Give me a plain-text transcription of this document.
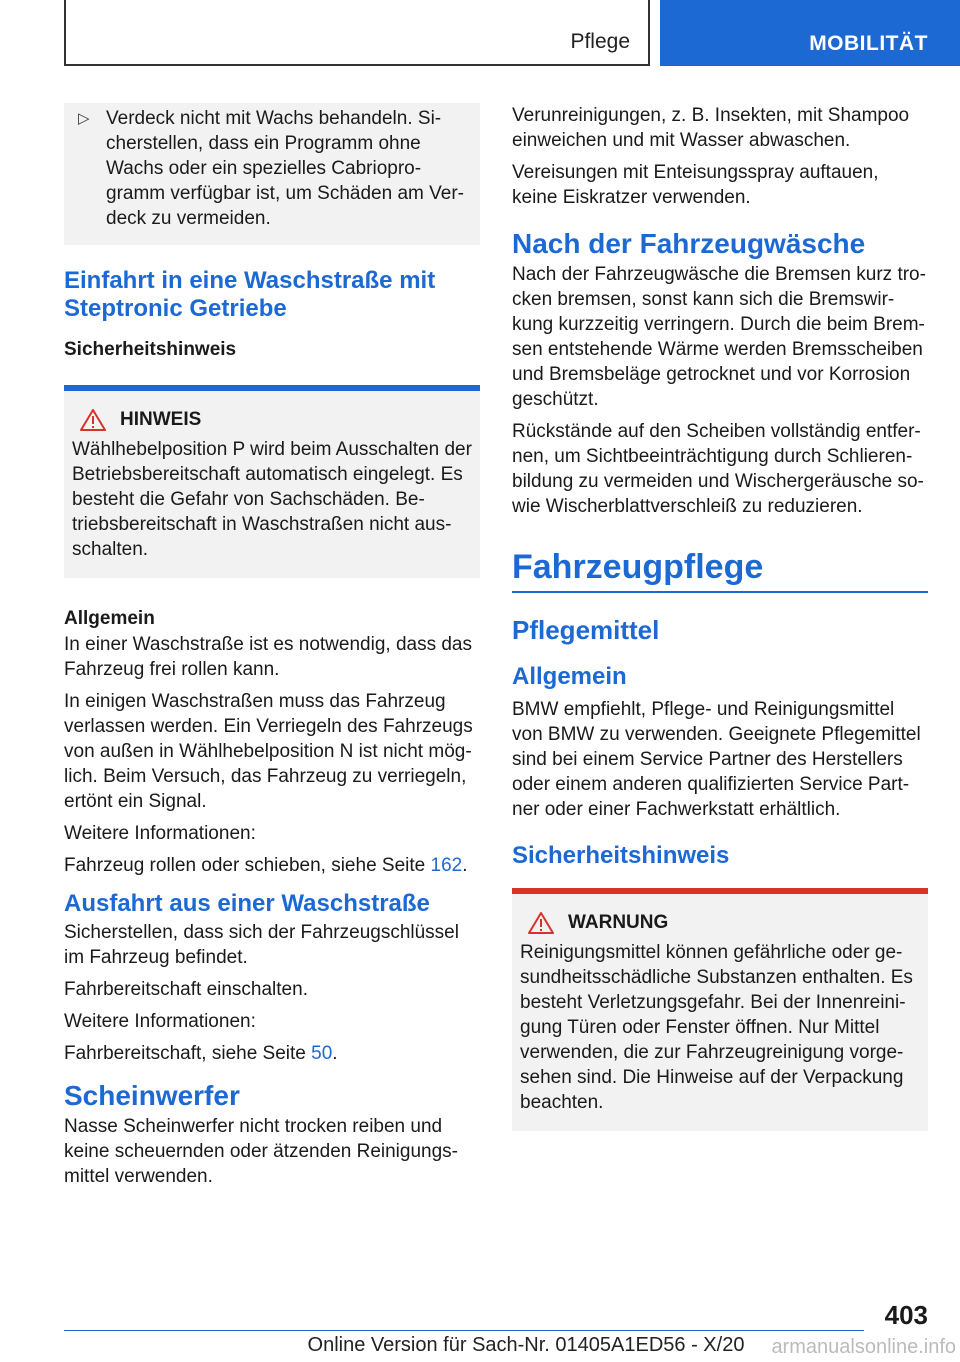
Pflege	MOBILITÄT
▷ Verdeck nicht mit Wachs behandeln. Si- cherstellen, dass ein Programm ohne Wachs oder ein spezielles Cabriopro- gramm verfügbar ist, um Schäden am Ver- deck zu vermeiden.

Einfahrt in eine Waschstraße mit Steptronic Getriebe
Sicherheitshinweis
HINWEIS

Wählhebelposition P wird beim Ausschalten der Betriebsbereitschaft automatisch eingelegt. Es besteht die Gefahr von Sachschäden. Be- triebsbereitschaft in Waschstraßen nicht aus- schalten.

Allgemein

In einer Waschstraße ist es notwendig, dass das Fahrzeug frei rollen kann.

In einigen Waschstraßen muss das Fahrzeug verlassen werden. Ein Verriegeln des Fahrzeugs von außen in Wählhebelposition N ist nicht mög- lich. Beim Versuch, das Fahrzeug zu verriegeln, ertönt ein Signal.

Weitere Informationen:

Fahrzeug rollen oder schieben, siehe Seite 162.

Ausfahrt aus einer Waschstraße

Sicherstellen, dass sich der Fahrzeugschlüssel im Fahrzeug befindet.

Fahrbereitschaft einschalten.

Weitere Informationen:

Fahrbereitschaft, siehe Seite 50.

Scheinwerfer

Nasse Scheinwerfer nicht trocken reiben und keine scheuernden oder ätzenden Reinigungs- mittel verwenden.

Verunreinigungen, z. B. Insekten, mit Shampoo einweichen und mit Wasser abwaschen.

Vereisungen mit Enteisungsspray auftauen, keine Eiskratzer verwenden.

Nach der Fahrzeugwäsche

Nach der Fahrzeugwäsche die Bremsen kurz tro- cken bremsen, sonst kann sich die Bremswir- kung kurzzeitig verringern. Durch die beim Brem- sen entstehende Wärme werden Bremsscheiben und Bremsbeläge getrocknet und vor Korrosion geschützt.

Rückstände auf den Scheiben vollständig entfer- nen, um Sichtbeeinträchtigung durch Schlieren- bildung zu vermeiden und Wischergeräusche so- wie Wischerblattverschleiß zu reduzieren.

Fahrzeugpflege
Pflegemittel
Allgemein

BMW empfiehlt, Pflege- und Reinigungsmittel von BMW zu verwenden. Geeignete Pflegemittel sind bei einem Service Partner des Herstellers oder einem anderen qualifizierten Service Part- ner oder einer Fachwerkstatt erhältlich.

Sicherheitshinweis
WARNUNG

Reinigungsmittel können gefährliche oder ge- sundheitsschädliche Substanzen enthalten. Es besteht Verletzungsgefahr. Bei der Innenreini- gung Türen oder Fenster öffnen. Nur Mittel verwenden, die zur Fahrzeugreinigung vorge- sehen sind. Die Hinweise auf der Verpackung beachten.

403
Online Version für Sach-Nr. 01405A1ED56 - X/20	armanualsonline.info
